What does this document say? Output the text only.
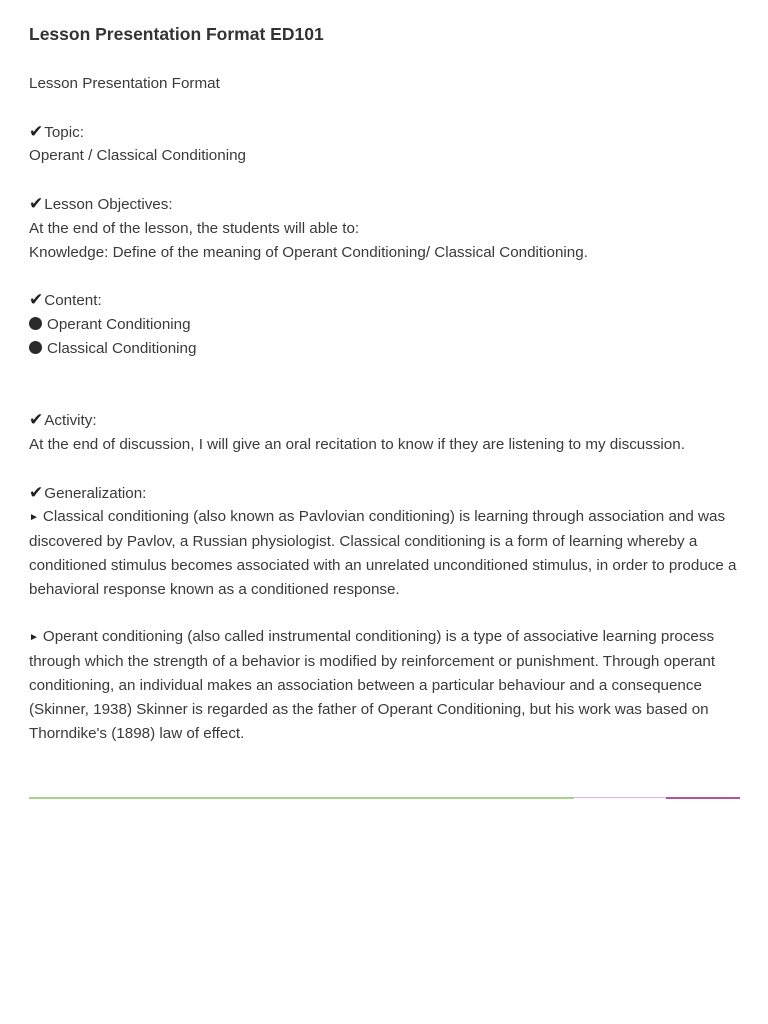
Lesson Presentation Format ED101
Lesson Presentation Format
✔Topic:
Operant / Classical Conditioning
✔Lesson Objectives:
At the end of the lesson, the students will able to:
Knowledge: Define of the meaning of Operant Conditioning/ Classical Conditioning.
✔Content:
Operant Conditioning
Classical Conditioning
✔Activity:
At the end of discussion, I will give an oral recitation to know if they are listening to my discussion.
✔Generalization:
► Classical conditioning (also known as Pavlovian conditioning) is learning through association and was discovered by Pavlov, a Russian physiologist. Classical conditioning is a form of learning whereby a conditioned stimulus becomes associated with an unrelated unconditioned stimulus, in order to produce a behavioral response known as a conditioned response.
► Operant conditioning (also called instrumental conditioning) is a type of associative learning process through which the strength of a behavior is modified by reinforcement or punishment. Through operant conditioning, an individual makes an association between a particular behaviour and a consequence (Skinner, 1938) Skinner is regarded as the father of Operant Conditioning, but his work was based on Thorndike's (1898) law of effect.
